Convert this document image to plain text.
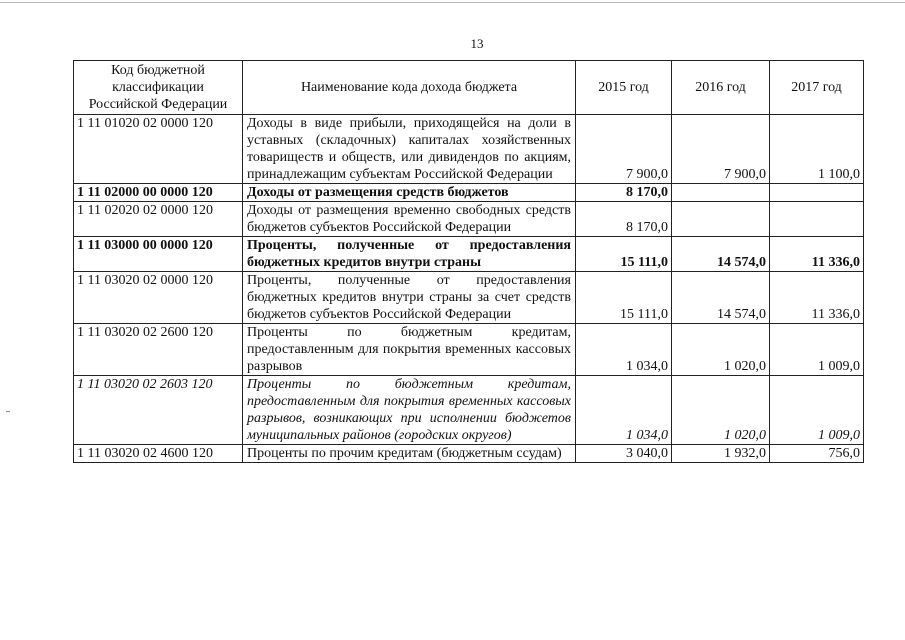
13
Код бюджетной классификации Российской Федерации	Наименование кода дохода бюджета	2015 год	2016 год	2017 год
1 11 01020 02 0000 120	Доходы в виде прибыли, приходящейся на доли в уставных (складочных) капиталах хозяйственных товариществ и обществ, или дивидендов по акциям, принадлежащим субъектам Российской Федерации	7 900,0	7 900,0	1 100,0
1 11 02000 00 0000 120	Доходы от размещения средств бюджетов	8 170,0		
1 11 02020 02 0000 120	Доходы от размещения временно свободных средств бюджетов субъектов Российской Федерации	8 170,0		
1 11 03000 00 0000 120	Проценты, полученные от предоставления бюджетных кредитов внутри страны	15 111,0	14 574,0	11 336,0
1 11 03020 02 0000 120	Проценты, полученные от предоставления бюджетных кредитов внутри страны за счет средств бюджетов субъектов Российской Федерации	15 111,0	14 574,0	11 336,0
1 11 03020 02 2600 120	Проценты по бюджетным кредитам, предоставленным для покрытия временных кассовых разрывов	1 034,0	1 020,0	1 009,0
1 11 03020 02 2603 120	Проценты по бюджетным кредитам, предоставленным для покрытия временных кассовых разрывов, возникающих при исполнении бюджетов муниципальных районов (городских округов)	1 034,0	1 020,0	1 009,0
1 11 03020 02 4600 120	Проценты по прочим кредитам (бюджетным ссудам)	3 040,0	1 932,0	756,0
